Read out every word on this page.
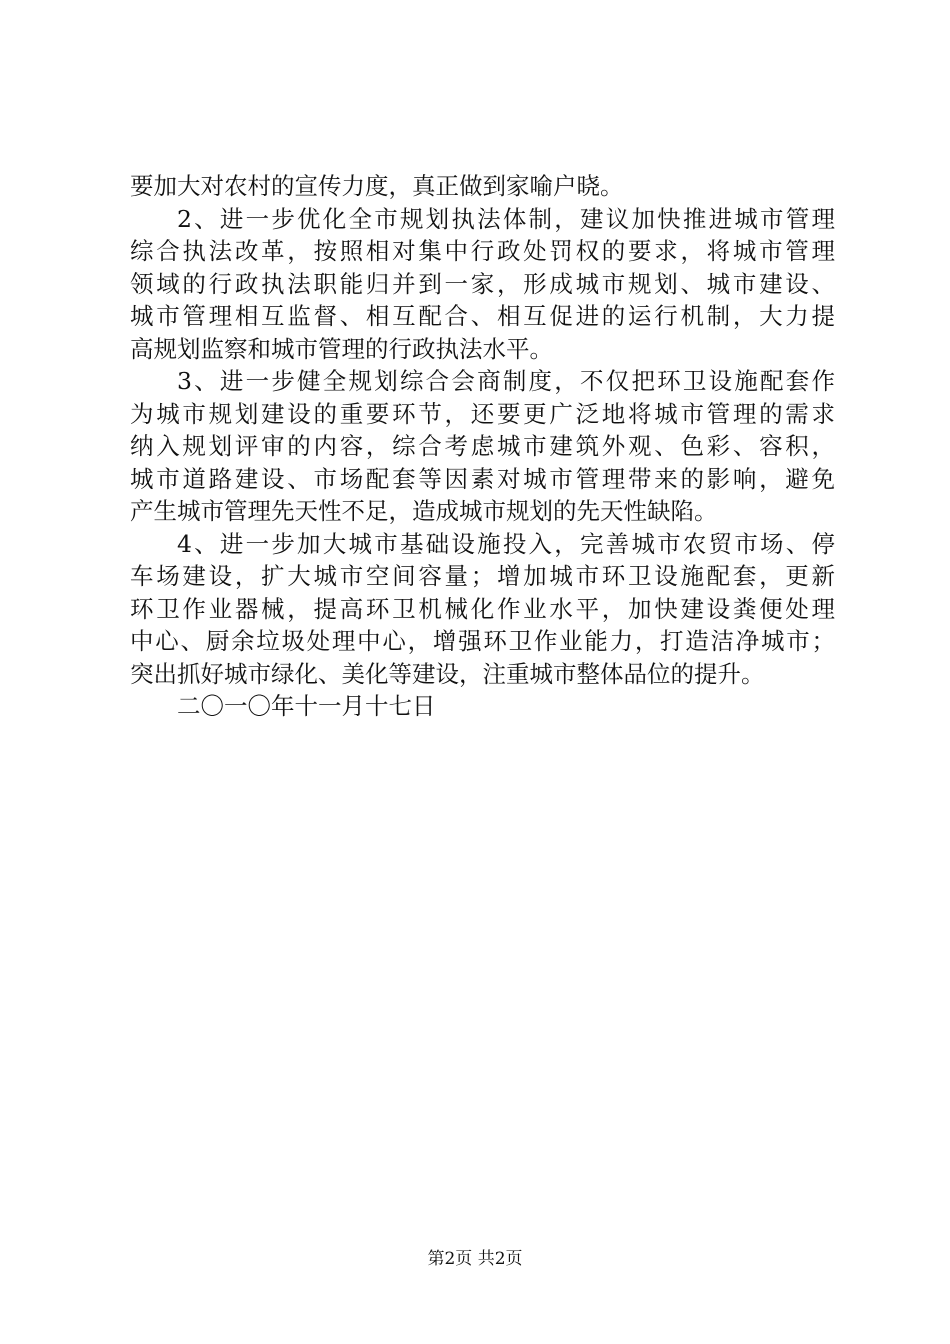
要加大对农村的宣传力度，真正做到家喻户晓。
2、进一步优化全市规划执法体制，建议加快推进城市管理
综合执法改革，按照相对集中行政处罚权的要求，将城市管理
领域的行政执法职能归并到一家，形成城市规划、城市建设、
城市管理相互监督、相互配合、相互促进的运行机制，大力提
高规划监察和城市管理的行政执法水平。
3、进一步健全规划综合会商制度，不仅把环卫设施配套作
为城市规划建设的重要环节，还要更广泛地将城市管理的需求
纳入规划评审的内容，综合考虑城市建筑外观、色彩、容积，
城市道路建设、市场配套等因素对城市管理带来的影响，避免
产生城市管理先天性不足，造成城市规划的先天性缺陷。
4、进一步加大城市基础设施投入，完善城市农贸市场、停
车场建设，扩大城市空间容量；增加城市环卫设施配套，更新
环卫作业器械，提高环卫机械化作业水平，加快建设粪便处理
中心、厨余垃圾处理中心，增强环卫作业能力，打造洁净城市；
突出抓好城市绿化、美化等建设，注重城市整体品位的提升。
二〇一〇年十一月十七日
第2页 共2页
